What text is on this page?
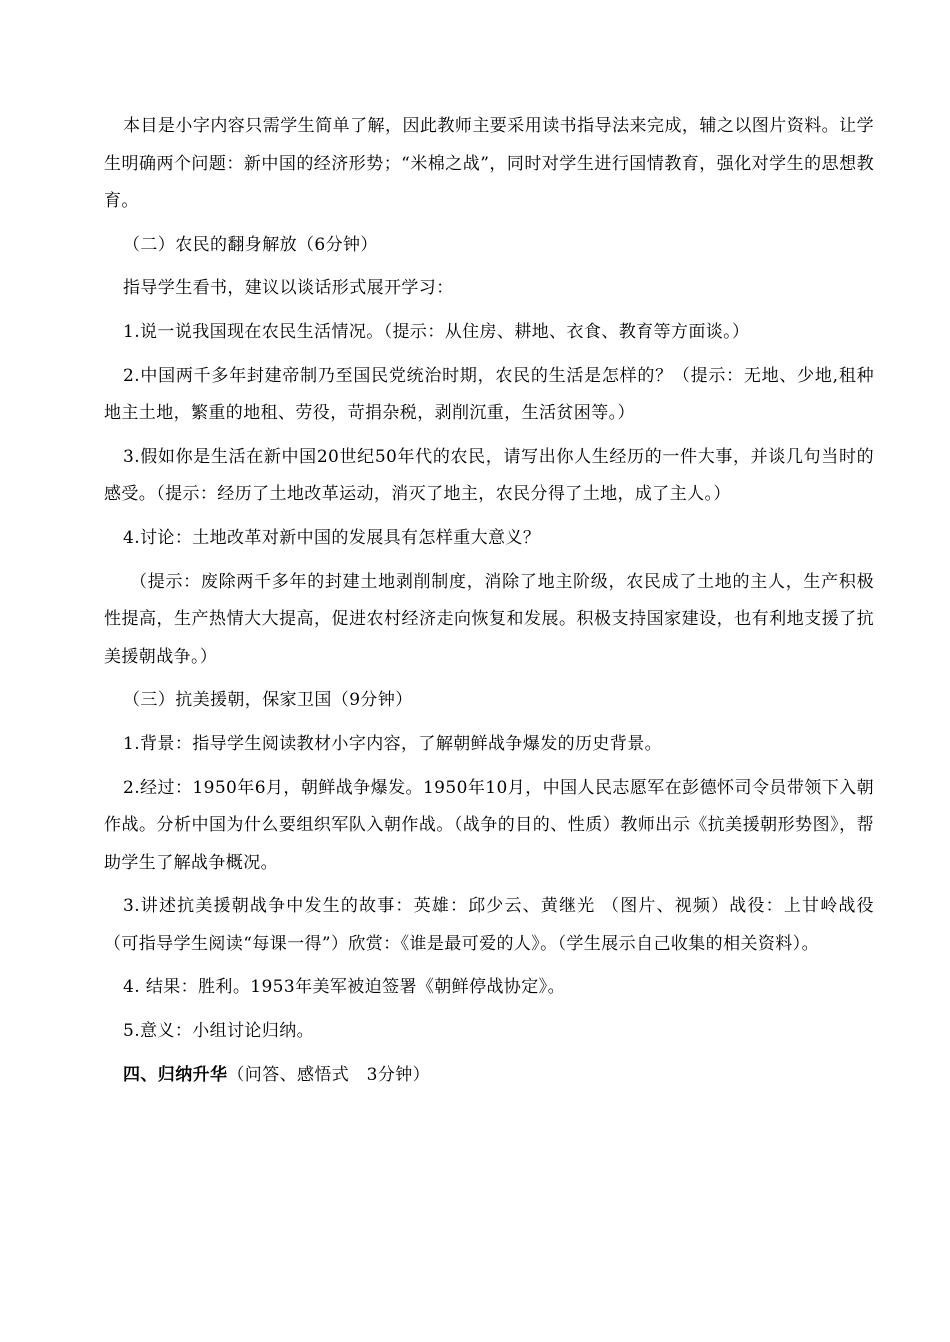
本目是小字内容只需学生简单了解，因此教师主要采用读书指导法来完成，辅之以图片资料。让学生明确两个问题：新中国的经济形势；“米棉之战”，同时对学生进行国情教育，强化对学生的思想教育。

（二）农民的翻身解放（6分钟）

指导学生看书，建议以谈话形式展开学习：

1.说一说我国现在农民生活情况。（提示：从住房、耕地、衣食、教育等方面谈。）

2.中国两千多年封建帝制乃至国民党统治时期，农民的生活是怎样的？（提示：无地、少地,租种地主土地，繁重的地租、劳役，苛捐杂税，剥削沉重，生活贫困等。）

3.假如你是生活在新中国20世纪50年代的农民，请写出你人生经历的一件大事，并谈几句当时的感受。（提示：经历了土地改革运动，消灭了地主，农民分得了土地，成了主人。）

4.讨论：土地改革对新中国的发展具有怎样重大意义？

（提示：废除两千多年的封建土地剥削制度，消除了地主阶级，农民成了土地的主人，生产积极性提高，生产热情大大提高，促进农村经济走向恢复和发展。积极支持国家建设，也有利地支援了抗美援朝战争。）

（三）抗美援朝，保家卫国（9分钟）

1.背景：指导学生阅读教材小字内容，了解朝鲜战争爆发的历史背景。

2.经过：1950年6月，朝鲜战争爆发。1950年10月，中国人民志愿军在彭德怀司令员带领下入朝作战。分析中国为什么要组织军队入朝作战。（战争的目的、性质）教师出示《抗美援朝形势图》，帮助学生了解战争概况。

3.讲述抗美援朝战争中发生的故事：英雄：邱少云、黄继光 （图片、视频）战役：上甘岭战役（可指导学生阅读“每课一得”）欣赏：《谁是最可爱的人》。（学生展示自己收集的相关资料）。

4. 结果：胜利。1953年美军被迫签署《朝鲜停战协定》。

5.意义：小组讨论归纳。

四、归纳升华（问答、感悟式　3分钟）
